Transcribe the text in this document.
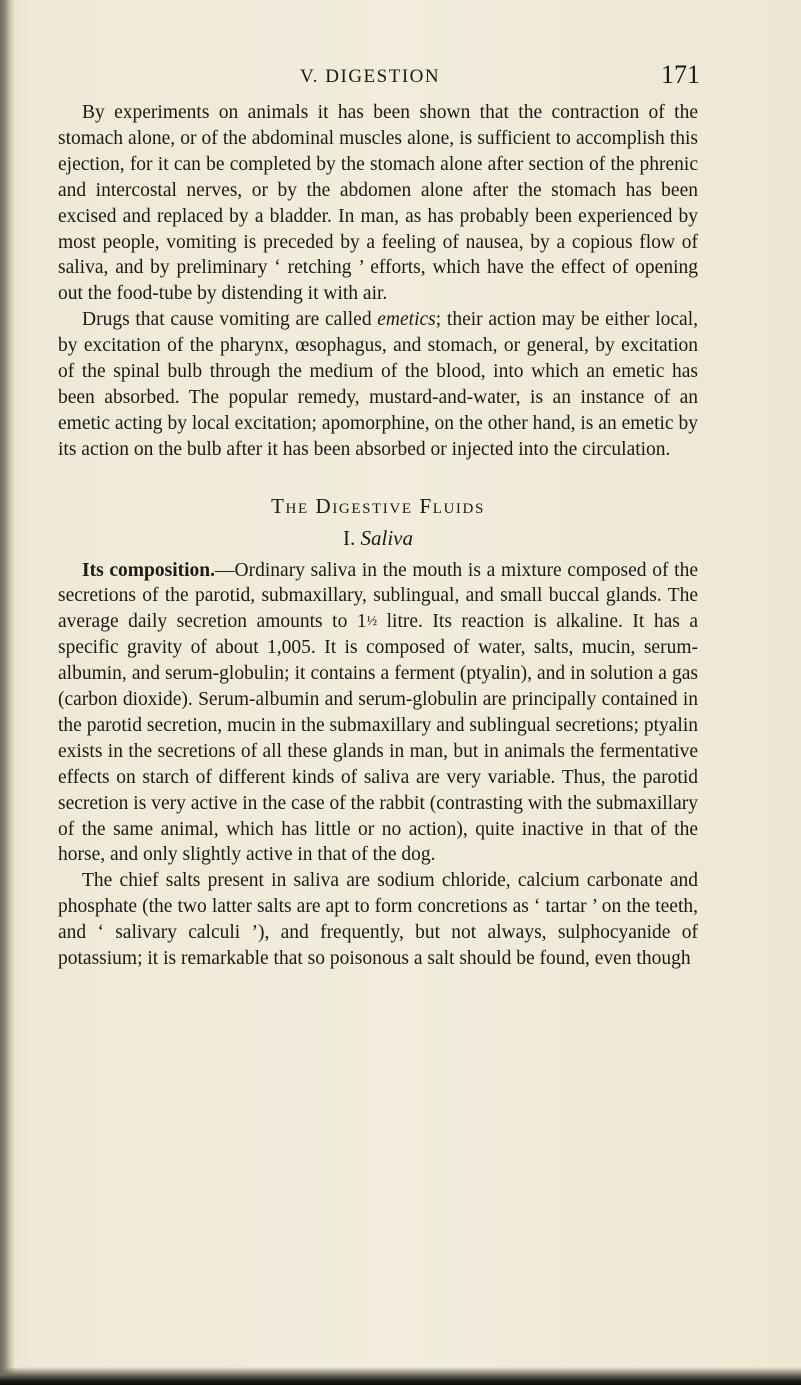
V. DIGESTION	171

By experiments on animals it has been shown that the contraction of the stomach alone, or of the abdominal muscles alone, is sufficient to accomplish this ejection, for it can be completed by the stomach alone after section of the phrenic and intercostal nerves, or by the abdomen alone after the stomach has been excised and replaced by a bladder. In man, as has probably been experienced by most people, vomiting is preceded by a feeling of nausea, by a copious flow of saliva, and by preliminary ‘ retching ’ efforts, which have the effect of opening out the food-tube by distending it with air.

Drugs that cause vomiting are called emetics; their action may be either local, by excitation of the pharynx, œsophagus, and stomach, or general, by excitation of the spinal bulb through the medium of the blood, into which an emetic has been absorbed. The popular remedy, mustard-and-water, is an instance of an emetic acting by local excitation; apomorphine, on the other hand, is an emetic by its action on the bulb after it has been absorbed or injected into the circulation.

The Digestive Fluids
I. Saliva

Its composition.—Ordinary saliva in the mouth is a mixture composed of the secretions of the parotid, submaxillary, sublingual, and small buccal glands. The average daily secretion amounts to 1½ litre. Its reaction is alkaline. It has a specific gravity of about 1,005. It is composed of water, salts, mucin, serum-albumin, and serum-globulin; it contains a ferment (ptyalin), and in solution a gas (carbon dioxide). Serum-albumin and serum-globulin are principally contained in the parotid secretion, mucin in the submaxillary and sublingual secretions; ptyalin exists in the secretions of all these glands in man, but in animals the fermentative effects on starch of different kinds of saliva are very variable. Thus, the parotid secretion is very active in the case of the rabbit (contrasting with the submaxillary of the same animal, which has little or no action), quite inactive in that of the horse, and only slightly active in that of the dog.

The chief salts present in saliva are sodium chloride, calcium carbonate and phosphate (the two latter salts are apt to form concretions as ‘ tartar ’ on the teeth, and ‘ salivary calculi ’), and frequently, but not always, sulphocyanide of potassium; it is remarkable that so poisonous a salt should be found, even though
